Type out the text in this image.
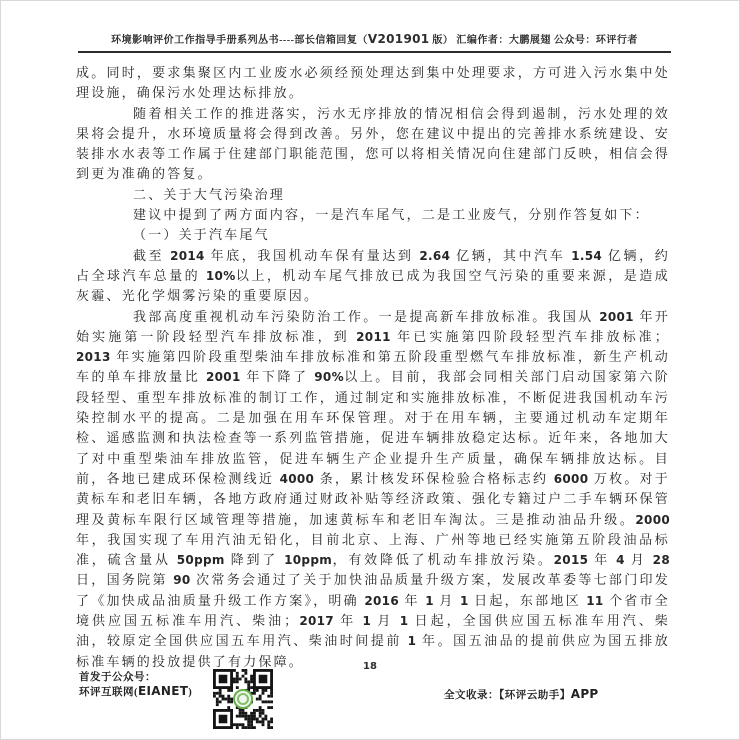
环境影响评价工作指导手册系列丛书----部长信箱回复（V201901 版） 汇编作者：大鹏展翅 公众号：环评行者

成。同时，要求集聚区内工业废水必须经预处理达到集中处理要求，方可进入污水集中处理设施，确保污水处理达标排放。

随着相关工作的推进落实，污水无序排放的情况相信会得到遏制，污水处理的效果将会提升，水环境质量将会得到改善。另外，您在建议中提出的完善排水系统建设、安装排水水表等工作属于住建部门职能范围，您可以将相关情况向住建部门反映，相信会得到更为准确的答复。

二、关于大气污染治理

建议中提到了两方面内容，一是汽车尾气，二是工业废气，分别作答复如下：

（一）关于汽车尾气

截至 2014 年底，我国机动车保有量达到 2.64 亿辆，其中汽车 1.54 亿辆，约占全球汽车总量的 10%以上，机动车尾气排放已成为我国空气污染的重要来源，是造成灰霾、光化学烟雾污染的重要原因。

我部高度重视机动车污染防治工作。一是提高新车排放标准。我国从 2001 年开始实施第一阶段轻型汽车排放标准，到 2011 年已实施第四阶段轻型汽车排放标准；2013 年实施第四阶段重型柴油车排放标准和第五阶段重型燃气车排放标准，新生产机动车的单车排放量比 2001 年下降了 90%以上。目前，我部会同相关部门启动国家第六阶段轻型、重型车排放标准的制订工作，通过制定和实施排放标准，不断促进我国机动车污染控制水平的提高。二是加强在用车环保管理。对于在用车辆，主要通过机动车定期年检、遥感监测和执法检查等一系列监管措施，促进车辆排放稳定达标。近年来，各地加大了对中重型柴油车排放监管，促进车辆生产企业提升生产质量，确保车辆排放达标。目前，各地已建成环保检测线近 4000 条，累计核发环保检验合格标志约 6000 万枚。对于黄标车和老旧车辆，各地方政府通过财政补贴等经济政策、强化专籍过户二手车辆环保管理及黄标车限行区域管理等措施，加速黄标车和老旧车淘汰。三是推动油品升级。2000 年，我国实现了车用汽油无铅化，目前北京、上海、广州等地已经实施第五阶段油品标准，硫含量从 50ppm 降到了 10ppm，有效降低了机动车排放污染。2015 年 4 月 28 日，国务院第 90 次常务会通过了关于加快油品质量升级方案，发展改革委等七部门印发了《加快成品油质量升级工作方案》，明确 2016 年 1 月 1 日起，东部地区 11 个省市全境供应国五标准车用汽、柴油；2017 年 1 月 1 日起，全国供应国五标准车用汽、柴油，较原定全国供应国五车用汽、柴油时间提前 1 年。国五油品的提前供应为国五排放标准车辆的投放提供了有力保障。	18
首发于公众号：
环评互联网(EIANET)	全文收录：【环评云助手】APP
